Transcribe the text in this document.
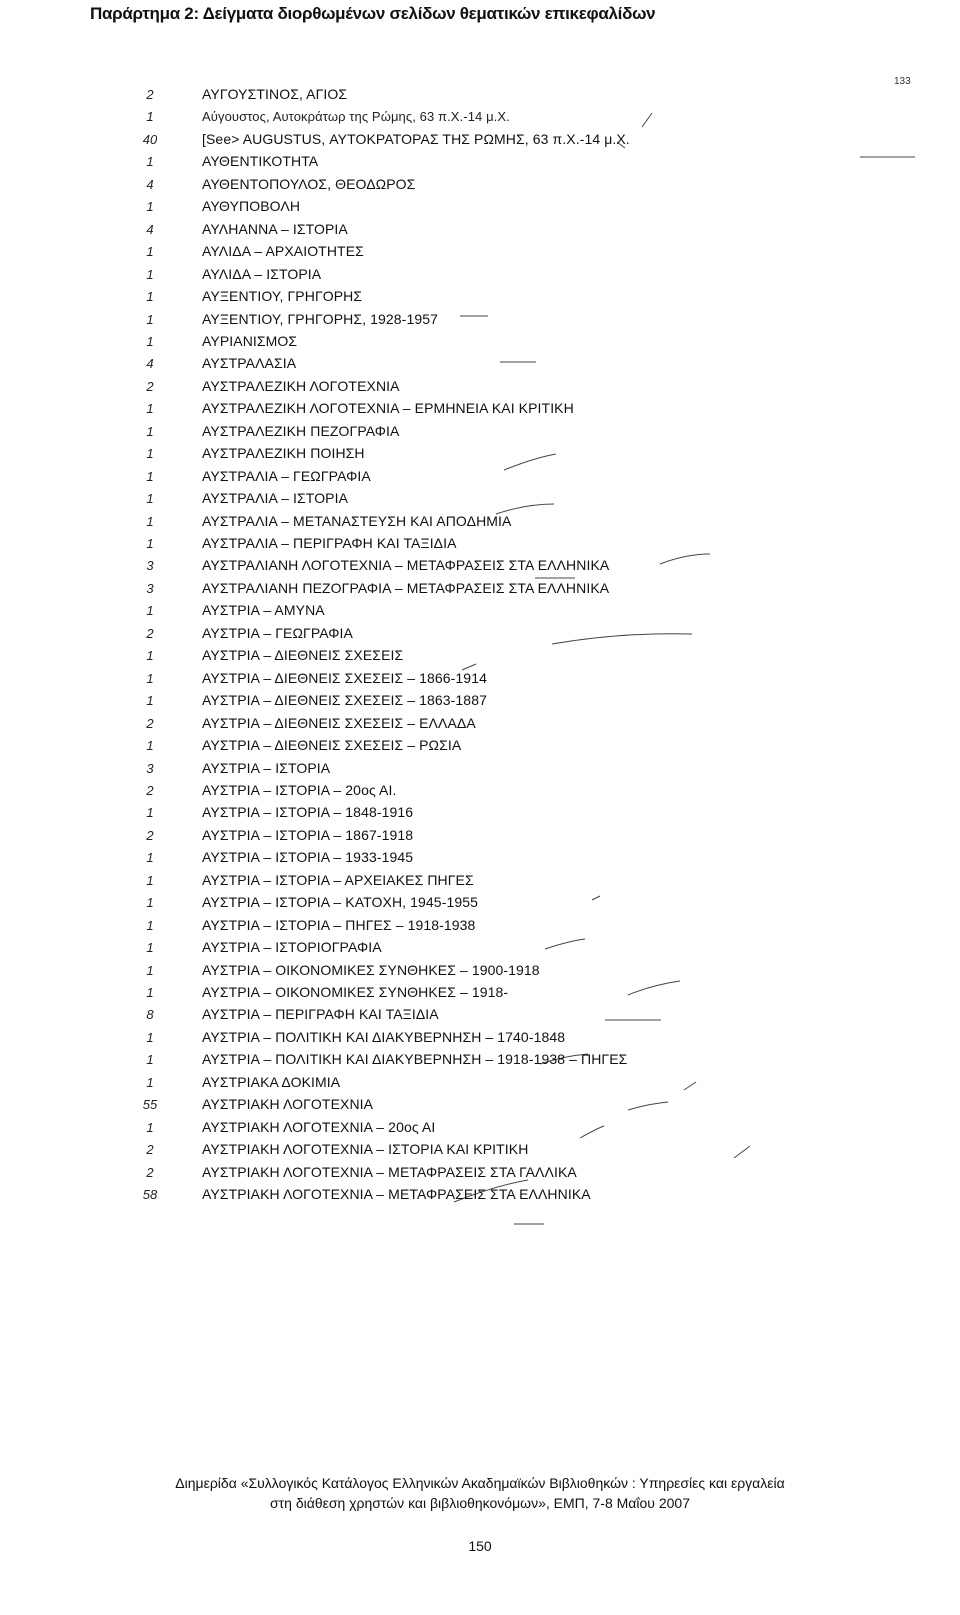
Παράρτημα 2: Δείγματα διορθωμένων σελίδων θεματικών επικεφαλίδων
133
2	ΑΥΓΟΥΣΤΙΝΟΣ, ΑΓΙΟΣ
1	Αύγουστος, Αυτοκράτωρ της Ρώμης, 63 π.Χ.-14 μ.Χ.
40	[See> AUGUSTUS, ΑΥΤΟΚΡΑΤΟΡΑΣ ΤΗΣ ΡΩΜΗΣ, 63 π.Χ.-14 μ.Χ.
1	ΑΥΘΕΝΤΙΚΟΤΗΤΑ
4	ΑΥΘΕΝΤΟΠΟΥΛΟΣ, ΘΕΟΔΩΡΟΣ
1	ΑΥΘΥΠΟΒΟΛΗ
4	ΑΥΛΗΑΝΝΑ – ΙΣΤΟΡΙΑ
1	ΑΥΛΙΔΑ – ΑΡΧΑΙΟΤΗΤΕΣ
1	ΑΥΛΙΔΑ – ΙΣΤΟΡΙΑ
1	ΑΥΞΕΝΤΙΟΥ, ΓΡΗΓΟΡΗΣ
1	ΑΥΞΕΝΤΙΟΥ, ΓΡΗΓΟΡΗΣ, 1928-1957
1	ΑΥΡΙΑΝΙΣΜΟΣ
4	ΑΥΣΤΡΑΛΑΣΙΑ
2	ΑΥΣΤΡΑΛΕΖΙΚΗ ΛΟΓΟΤΕΧΝΙΑ
1	ΑΥΣΤΡΑΛΕΖΙΚΗ ΛΟΓΟΤΕΧΝΙΑ – ΕΡΜΗΝΕΙΑ ΚΑΙ ΚΡΙΤΙΚΗ
1	ΑΥΣΤΡΑΛΕΖΙΚΗ ΠΕΖΟΓΡΑΦΙΑ
1	ΑΥΣΤΡΑΛΕΖΙΚΗ ΠΟΙΗΣΗ
1	ΑΥΣΤΡΑΛΙΑ – ΓΕΩΓΡΑΦΙΑ
1	ΑΥΣΤΡΑΛΙΑ – ΙΣΤΟΡΙΑ
1	ΑΥΣΤΡΑΛΙΑ – ΜΕΤΑΝΑΣΤΕΥΣΗ ΚΑΙ ΑΠΟΔΗΜΙΑ
1	ΑΥΣΤΡΑΛΙΑ – ΠΕΡΙΓΡΑΦΗ ΚΑΙ ΤΑΞΙΔΙΑ
3	ΑΥΣΤΡΑΛΙΑΝΗ ΛΟΓΟΤΕΧΝΙΑ – ΜΕΤΑΦΡΑΣΕΙΣ ΣΤΑ ΕΛΛΗΝΙΚΑ
3	ΑΥΣΤΡΑΛΙΑΝΗ ΠΕΖΟΓΡΑΦΙΑ – ΜΕΤΑΦΡΑΣΕΙΣ ΣΤΑ ΕΛΛΗΝΙΚΑ
1	ΑΥΣΤΡΙΑ – ΑΜΥΝΑ
2	ΑΥΣΤΡΙΑ – ΓΕΩΓΡΑΦΙΑ
1	ΑΥΣΤΡΙΑ – ΔΙΕΘΝΕΙΣ ΣΧΕΣΕΙΣ
1	ΑΥΣΤΡΙΑ – ΔΙΕΘΝΕΙΣ ΣΧΕΣΕΙΣ – 1866-1914
1	ΑΥΣΤΡΙΑ – ΔΙΕΘΝΕΙΣ ΣΧΕΣΕΙΣ – 1863-1887
2	ΑΥΣΤΡΙΑ – ΔΙΕΘΝΕΙΣ ΣΧΕΣΕΙΣ – ΕΛΛΑΔΑ
1	ΑΥΣΤΡΙΑ – ΔΙΕΘΝΕΙΣ ΣΧΕΣΕΙΣ – ΡΩΣΙΑ
3	ΑΥΣΤΡΙΑ – ΙΣΤΟΡΙΑ
2	ΑΥΣΤΡΙΑ – ΙΣΤΟΡΙΑ – 20ος ΑΙ.
1	ΑΥΣΤΡΙΑ – ΙΣΤΟΡΙΑ – 1848-1916
2	ΑΥΣΤΡΙΑ – ΙΣΤΟΡΙΑ – 1867-1918
1	ΑΥΣΤΡΙΑ – ΙΣΤΟΡΙΑ – 1933-1945
1	ΑΥΣΤΡΙΑ – ΙΣΤΟΡΙΑ – ΑΡΧΕΙΑΚΕΣ ΠΗΓΕΣ
1	ΑΥΣΤΡΙΑ – ΙΣΤΟΡΙΑ – ΚΑΤΟΧΗ, 1945-1955
1	ΑΥΣΤΡΙΑ – ΙΣΤΟΡΙΑ – ΠΗΓΕΣ – 1918-1938
1	ΑΥΣΤΡΙΑ – ΙΣΤΟΡΙΟΓΡΑΦΙΑ
1	ΑΥΣΤΡΙΑ – ΟΙΚΟΝΟΜΙΚΕΣ ΣΥΝΘΗΚΕΣ – 1900-1918
1	ΑΥΣΤΡΙΑ – ΟΙΚΟΝΟΜΙΚΕΣ ΣΥΝΘΗΚΕΣ – 1918-
8	ΑΥΣΤΡΙΑ – ΠΕΡΙΓΡΑΦΗ ΚΑΙ ΤΑΞΙΔΙΑ
1	ΑΥΣΤΡΙΑ – ΠΟΛΙΤΙΚΗ ΚΑΙ ΔΙΑΚΥΒΕΡΝΗΣΗ – 1740-1848
1	ΑΥΣΤΡΙΑ – ΠΟΛΙΤΙΚΗ ΚΑΙ ΔΙΑΚΥΒΕΡΝΗΣΗ – 1918-1938 – ΠΗΓΕΣ
1	ΑΥΣΤΡΙΑΚΑ ΔΟΚΙΜΙΑ
55	ΑΥΣΤΡΙΑΚΗ ΛΟΓΟΤΕΧΝΙΑ
1	ΑΥΣΤΡΙΑΚΗ ΛΟΓΟΤΕΧΝΙΑ – 20ος ΑΙ
2	ΑΥΣΤΡΙΑΚΗ ΛΟΓΟΤΕΧΝΙΑ – ΙΣΤΟΡΙΑ ΚΑΙ ΚΡΙΤΙΚΗ
2	ΑΥΣΤΡΙΑΚΗ ΛΟΓΟΤΕΧΝΙΑ – ΜΕΤΑΦΡΑΣΕΙΣ ΣΤΑ ΓΑΛΛΙΚΑ
58	ΑΥΣΤΡΙΑΚΗ ΛΟΓΟΤΕΧΝΙΑ – ΜΕΤΑΦΡΑΣΕΙΣ ΣΤΑ ΕΛΛΗΝΙΚΑ
Διημερίδα «Συλλογικός Κατάλογος Ελληνικών Ακαδημαϊκών Βιβλιοθηκών : Υπηρεσίες και εργαλεία
στη διάθεση χρηστών και βιβλιοθηκονόμων», ΕΜΠ, 7-8 Μαΐου 2007
150
